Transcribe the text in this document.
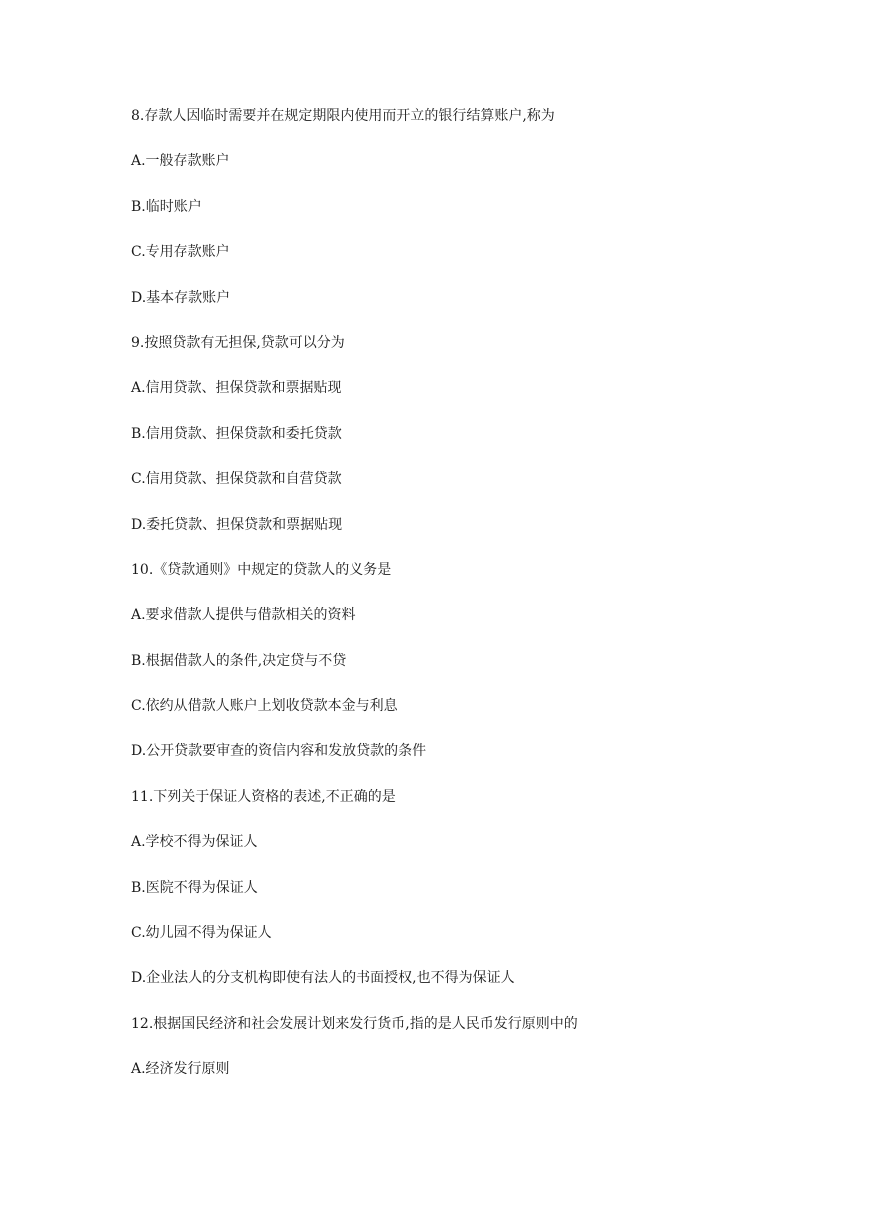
8.存款人因临时需要并在规定期限内使用而开立的银行结算账户,称为
A.一般存款账户
B.临时账户
C.专用存款账户
D.基本存款账户
9.按照贷款有无担保,贷款可以分为
A.信用贷款、担保贷款和票据贴现
B.信用贷款、担保贷款和委托贷款
C.信用贷款、担保贷款和自营贷款
D.委托贷款、担保贷款和票据贴现
10.《贷款通则》中规定的贷款人的义务是
A.要求借款人提供与借款相关的资料
B.根据借款人的条件,决定贷与不贷
C.依约从借款人账户上划收贷款本金与利息
D.公开贷款要审查的资信内容和发放贷款的条件
11.下列关于保证人资格的表述,不正确的是
A.学校不得为保证人
B.医院不得为保证人
C.幼儿园不得为保证人
D.企业法人的分支机构即使有法人的书面授权,也不得为保证人
12.根据国民经济和社会发展计划来发行货币,指的是人民币发行原则中的
A.经济发行原则
